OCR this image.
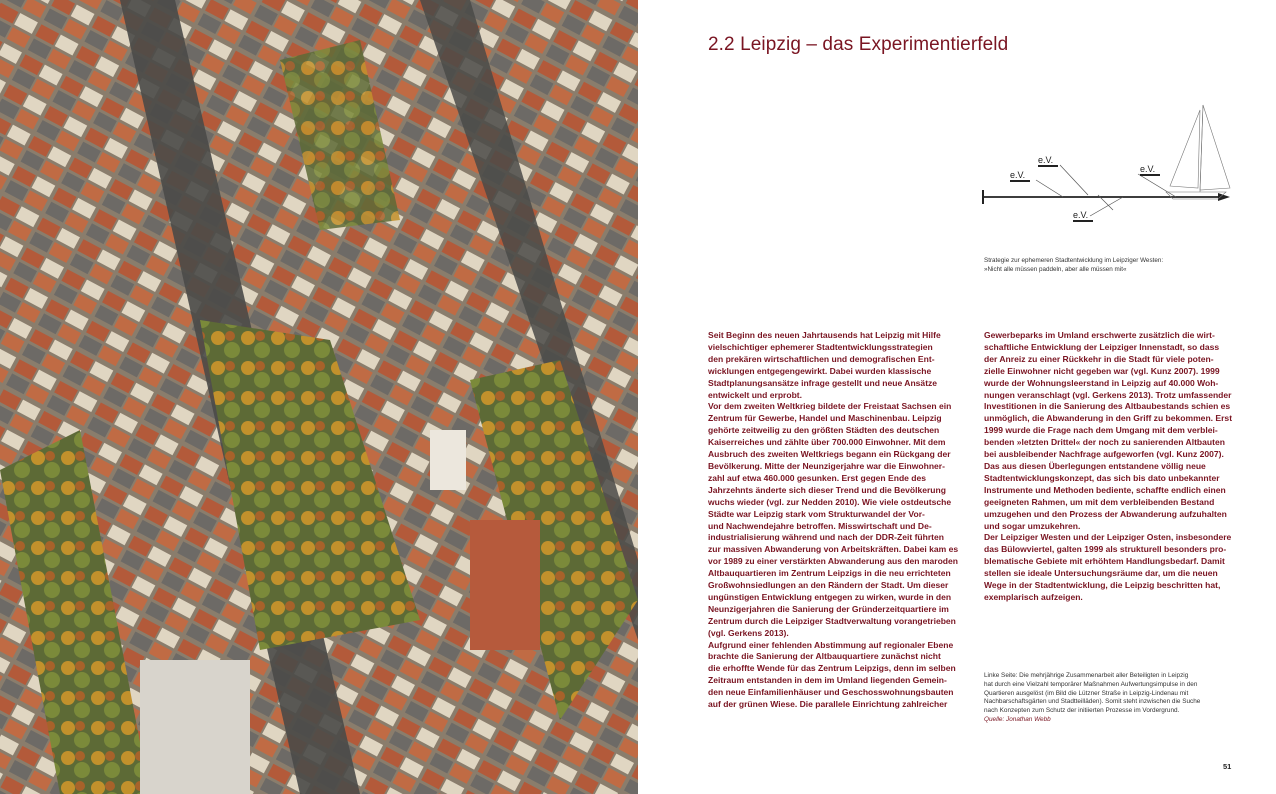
2.2 Leipzig – das Experimentierfeld
e.V.
e.V.
e.V.
e.V.
Strategie zur ephemeren Stadtentwicklung im Leipziger Westen:
»Nicht alle müssen paddeln, aber alle müssen mit«

Seit Beginn des neuen Jahrtausends hat Leipzig mit Hilfe

vielschichtiger ephemerer Stadtentwicklungsstrategien

den prekären wirtschaftlichen und demografischen Ent-

wicklungen entgegengewirkt. Dabei wurden klassische

Stadtplanungsansätze infrage gestellt und neue Ansätze

entwickelt und erprobt.

Vor dem zweiten Weltkrieg bildete der Freistaat Sachsen ein

Zentrum für Gewerbe, Handel und Maschinenbau. Leipzig

gehörte zeitweilig zu den größten Städten des deutschen

Kaiserreiches und zählte über 700.000 Einwohner. Mit dem

Ausbruch des zweiten Weltkriegs begann ein Rückgang der

Bevölkerung. Mitte der Neunzigerjahre war die Einwohner-

zahl auf etwa 460.000 gesunken. Erst gegen Ende des

Jahrzehnts änderte sich dieser Trend und die Bevölkerung

wuchs wieder (vgl. zur Nedden 2010). Wie viele ostdeutsche

Städte war Leipzig stark vom Strukturwandel der Vor-

und Nachwendejahre betroffen. Misswirtschaft und De-

industrialisierung während und nach der DDR-Zeit führten

zur massiven Abwanderung von Arbeitskräften. Dabei kam es

vor 1989 zu einer verstärkten Abwanderung aus den maroden

Altbauquartieren im Zentrum Leipzigs in die neu errichteten

Großwohnsiedlungen an den Rändern der Stadt. Um dieser

ungünstigen Entwicklung entgegen zu wirken, wurde in den

Neunzigerjahren die Sanierung der Gründerzeitquartiere im

Zentrum durch die Leipziger Stadtverwaltung vorangetrieben

(vgl. Gerkens 2013).

Aufgrund einer fehlenden Abstimmung auf regionaler Ebene

brachte die Sanierung der Altbauquartiere zunächst nicht

die erhoffte Wende für das Zentrum Leipzigs, denn im selben

Zeitraum entstanden in dem im Umland liegenden Gemein-

den neue Einfamilienhäuser und Geschosswohnungsbauten

auf der grünen Wiese. Die parallele Einrichtung zahlreicher

Gewerbeparks im Umland erschwerte zusätzlich die wirt-

schaftliche Entwicklung der Leipziger Innenstadt, so dass

der Anreiz zu einer Rückkehr in die Stadt für viele poten-

zielle Einwohner nicht gegeben war (vgl. Kunz 2007). 1999

wurde der Wohnungsleerstand in Leipzig auf 40.000 Woh-

nungen veranschlagt (vgl. Gerkens 2013). Trotz umfassender

Investitionen in die Sanierung des Altbaubestands schien es

unmöglich, die Abwanderung in den Griff zu bekommen. Erst

1999 wurde die Frage nach dem Umgang mit dem verblei-

benden »letzten Drittel« der noch zu sanierenden Altbauten

bei ausbleibender Nachfrage aufgeworfen (vgl. Kunz 2007).

Das aus diesen Überlegungen entstandene völlig neue

Stadtentwicklungskonzept, das sich bis dato unbekannter

Instrumente und Methoden bediente, schaffte endlich einen

geeigneten Rahmen, um mit dem verbleibenden Bestand

umzugehen und den Prozess der Abwanderung aufzuhalten

und sogar umzukehren.

Der Leipziger Westen und der Leipziger Osten, insbesondere

das Bülowviertel, galten 1999 als strukturell besonders pro-

blematische Gebiete mit erhöhtem Handlungsbedarf. Damit

stellen sie ideale Untersuchungsräume dar, um die neuen

Wege in der Stadtentwicklung, die Leipzig beschritten hat,

exemplarisch aufzeigen.

Linke Seite: Die mehrjährige Zusammenarbeit aller Beteiligten in Leipzig
hat durch eine Vielzahl temporärer Maßnahmen Aufwertungsimpulse in den
Quartieren ausgelöst (im Bild die Lützner Straße in Leipzig-Lindenau mit
Nachbarschaftsgärten und Stadtteilläden). Somit steht inzwischen die Suche
nach Konzepten zum Schutz der initiierten Prozesse im Vordergrund.
Quelle: Jonathan Webb
51
